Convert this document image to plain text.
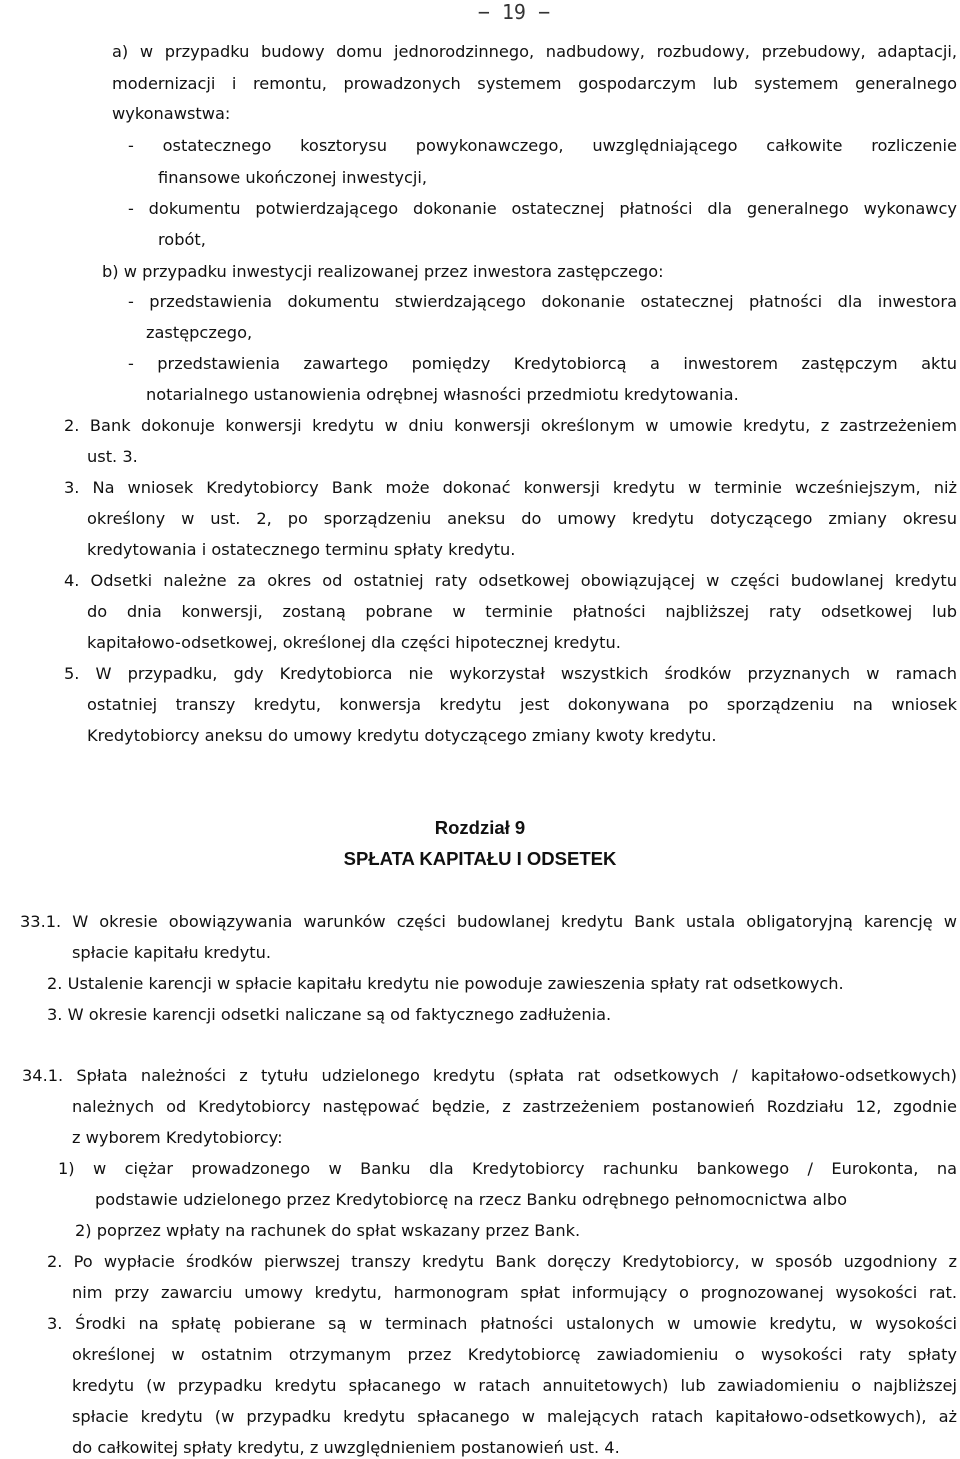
− 19 −

a) w przypadku budowy domu jednorodzinnego, nadbudowy, rozbudowy, przebudowy, adaptacji,

modernizacji i remontu, prowadzonych systemem gospodarczym lub systemem generalnego

wykonawstwa:

- ostatecznego kosztorysu powykonawczego, uwzględniającego całkowite rozliczenie

finansowe ukończonej inwestycji,

- dokumentu potwierdzającego dokonanie ostatecznej płatności dla generalnego wykonawcy

robót,

b) w przypadku inwestycji realizowanej przez inwestora zastępczego:

- przedstawienia dokumentu stwierdzającego dokonanie ostatecznej płatności dla inwestora

zastępczego,

- przedstawienia zawartego pomiędzy Kredytobiorcą a inwestorem zastępczym aktu

notarialnego ustanowienia odrębnej własności przedmiotu kredytowania.

2. Bank dokonuje konwersji kredytu w dniu konwersji określonym w umowie kredytu, z zastrzeżeniem

ust. 3.

3. Na wniosek Kredytobiorcy Bank może dokonać konwersji kredytu w terminie wcześniejszym, niż

określony w ust. 2, po sporządzeniu aneksu do umowy kredytu dotyczącego zmiany okresu

kredytowania i ostatecznego terminu spłaty kredytu.

4. Odsetki należne za okres od ostatniej raty odsetkowej obowiązującej w części budowlanej kredytu

do dnia konwersji, zostaną pobrane w terminie płatności najbliższej raty odsetkowej lub

kapitałowo-odsetkowej, określonej dla części hipotecznej kredytu.

5. W przypadku, gdy Kredytobiorca nie wykorzystał wszystkich środków przyznanych w ramach

ostatniej transzy kredytu, konwersja kredytu jest dokonywana po sporządzeniu na wniosek

Kredytobiorcy aneksu do umowy kredytu dotyczącego zmiany kwoty kredytu.

Rozdział 9

SPŁATA KAPITAŁU I ODSETEK

33.1. W okresie obowiązywania warunków części budowlanej kredytu Bank ustala obligatoryjną karencję w

spłacie kapitału kredytu.

2. Ustalenie karencji w spłacie kapitału kredytu nie powoduje zawieszenia spłaty rat odsetkowych.

3. W okresie karencji odsetki naliczane są od faktycznego zadłużenia.

34.1. Spłata należności z tytułu udzielonego kredytu (spłata rat odsetkowych / kapitałowo-odsetkowych)

należnych od Kredytobiorcy następować będzie, z zastrzeżeniem postanowień Rozdziału 12, zgodnie

z wyborem Kredytobiorcy:

1) w ciężar prowadzonego w Banku dla Kredytobiorcy rachunku bankowego / Eurokonta, na

podstawie udzielonego przez Kredytobiorcę na rzecz Banku odrębnego pełnomocnictwa albo

2) poprzez wpłaty na rachunek do spłat wskazany przez Bank.

2. Po wypłacie środków pierwszej transzy kredytu Bank doręczy Kredytobiorcy, w sposób uzgodniony z

nim przy zawarciu umowy kredytu, harmonogram spłat informujący o prognozowanej wysokości rat.

3. Środki na spłatę pobierane są w terminach płatności ustalonych w umowie kredytu, w wysokości

określonej w ostatnim otrzymanym przez Kredytobiorcę zawiadomieniu o wysokości raty spłaty

kredytu (w przypadku kredytu spłacanego w ratach annuitetowych) lub zawiadomieniu o najbliższej

spłacie kredytu (w przypadku kredytu spłacanego w malejących ratach kapitałowo-odsetkowych), aż

do całkowitej spłaty kredytu, z uwzględnieniem postanowień ust. 4.
